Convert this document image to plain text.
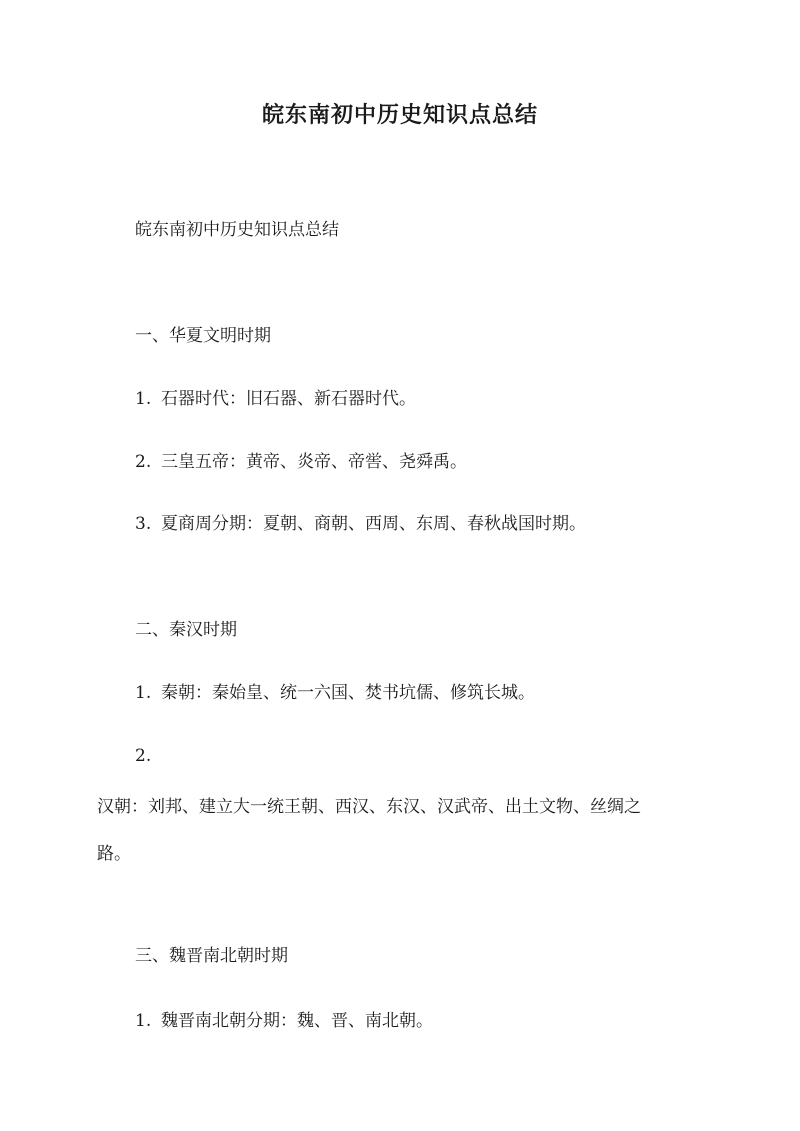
皖东南初中历史知识点总结

皖东南初中历史知识点总结

一、华夏文明时期

1. 石器时代：旧石器、新石器时代。

2. 三皇五帝：黄帝、炎帝、帝喾、尧舜禹。

3. 夏商周分期：夏朝、商朝、西周、东周、春秋战国时期。

二、秦汉时期

1. 秦朝：秦始皇、统一六国、焚书坑儒、修筑长城。

2.

汉朝：刘邦、建立大一统王朝、西汉、东汉、汉武帝、出土文物、丝绸之

路。

三、魏晋南北朝时期

1. 魏晋南北朝分期：魏、晋、南北朝。
